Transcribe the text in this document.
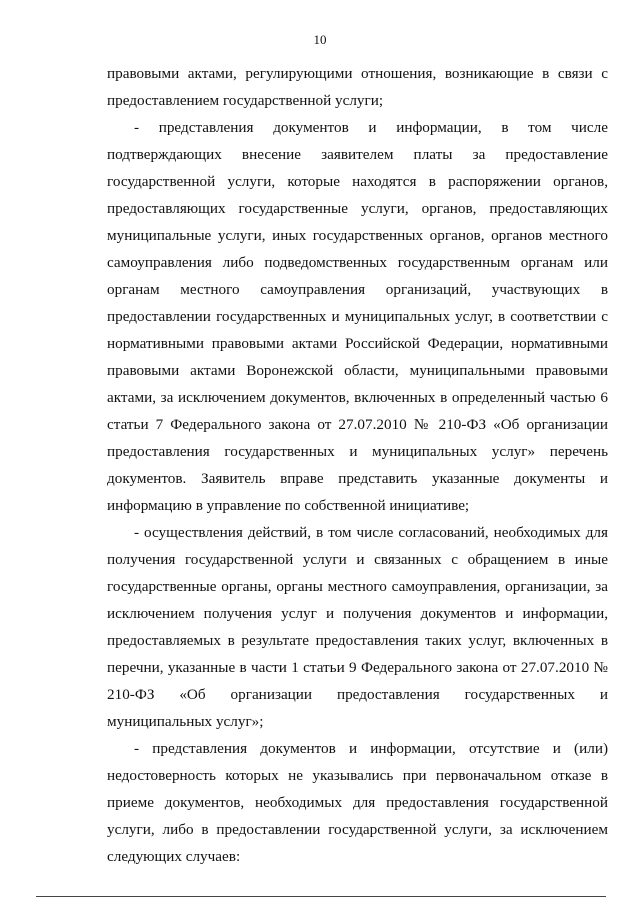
10

правовыми актами, регулирующими отношения, возникающие в связи с предоставлением государственной услуги;

- представления документов и информации, в том числе подтверждающих внесение заявителем платы за предоставление государственной услуги, которые находятся в распоряжении органов, предоставляющих государственные услуги, органов, предоставляющих муниципальные услуги, иных государственных органов, органов местного самоуправления либо подведомственных государственным органам или органам местного самоуправления организаций, участвующих в предоставлении государственных и муниципальных услуг, в соответствии с нормативными правовыми актами Российской Федерации, нормативными правовыми актами Воронежской области, муниципальными правовыми актами, за исключением документов, включенных в определенный частью 6 статьи 7 Федерального закона от 27.07.2010 № 210-ФЗ «Об организации предоставления государственных и муниципальных услуг» перечень документов. Заявитель вправе представить указанные документы и информацию в управление по собственной инициативе;

- осуществления действий, в том числе согласований, необходимых для получения государственной услуги и связанных с обращением в иные государственные органы, органы местного самоуправления, организации, за исключением получения услуг и получения документов и информации, предоставляемых в результате предоставления таких услуг, включенных в перечни, указанные в части 1 статьи 9 Федерального закона от 27.07.2010 № 210-ФЗ «Об организации предоставления государственных и муниципальных услуг»;

- представления документов и информации, отсутствие и (или) недостоверность которых не указывались при первоначальном отказе в приеме документов, необходимых для предоставления государственной услуги, либо в предоставлении государственной услуги, за исключением следующих случаев:
